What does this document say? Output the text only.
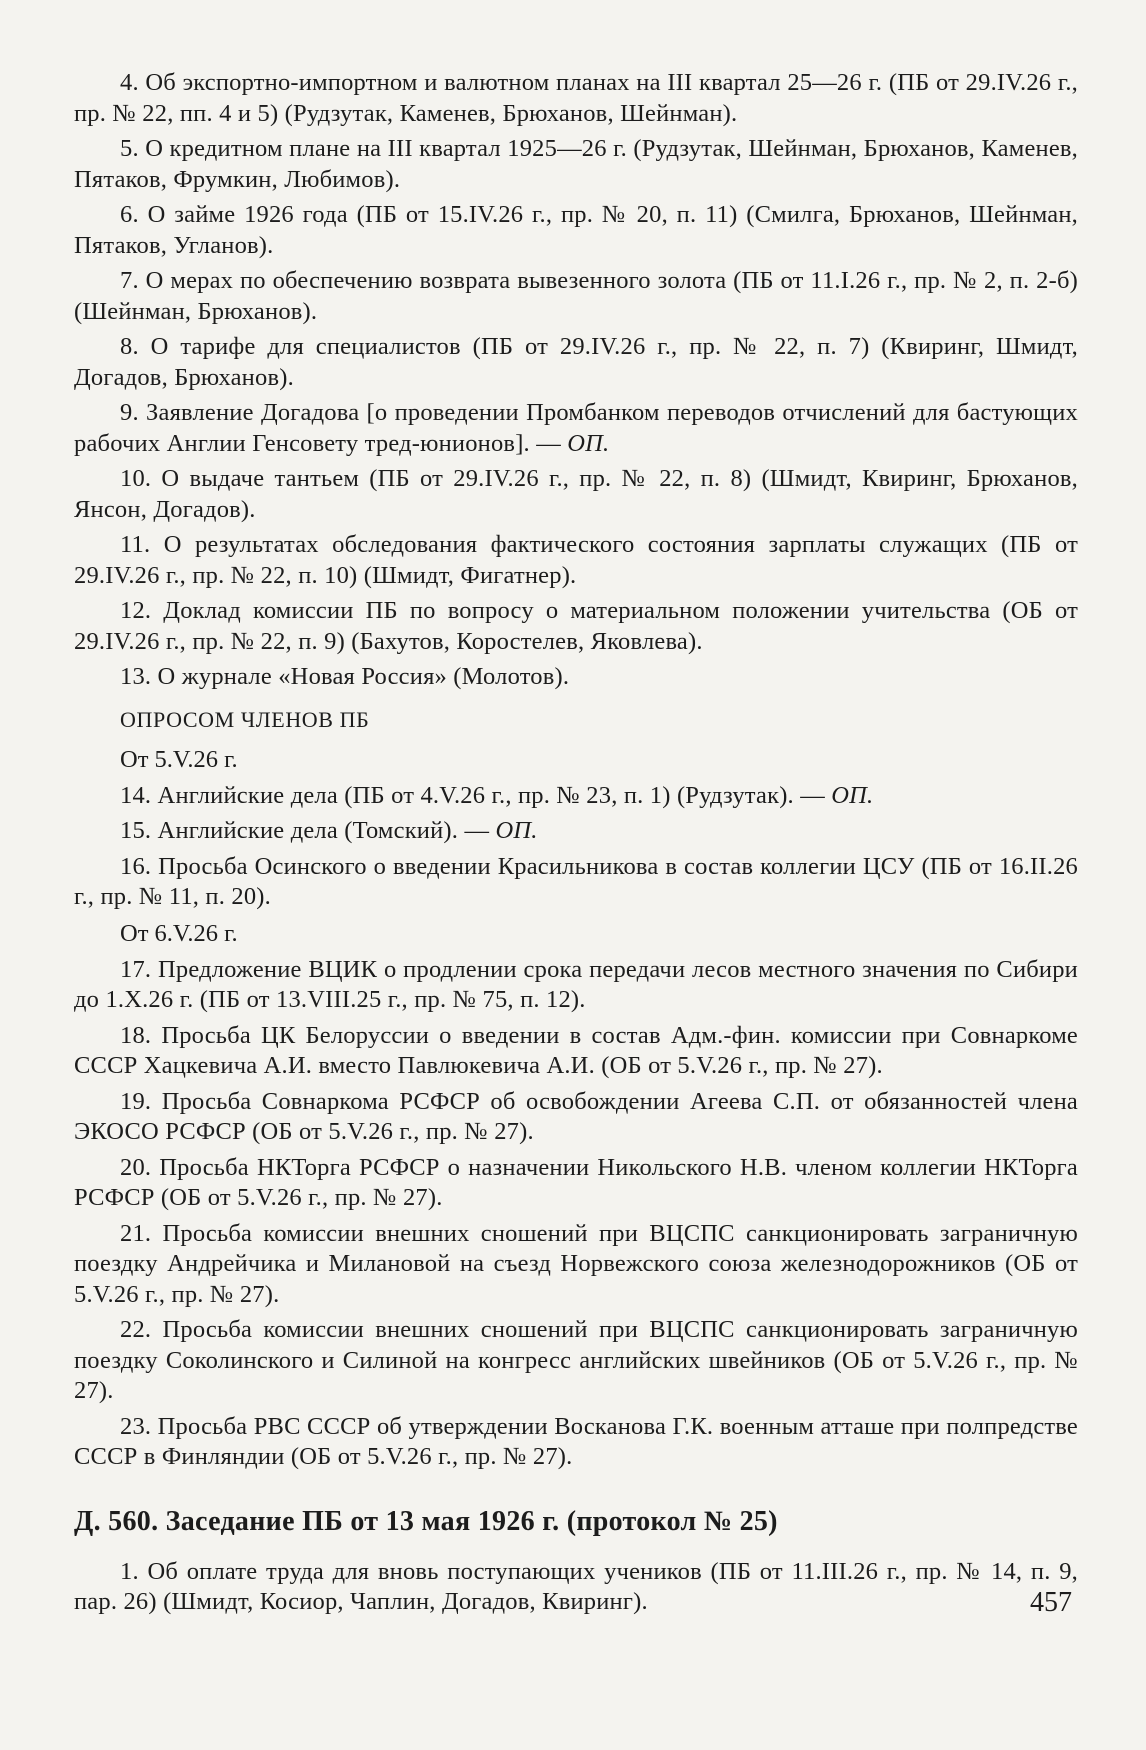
4. Об экспортно-импортном и валютном планах на III квартал 25—26 г. (ПБ от 29.IV.26 г., пр. № 22, пп. 4 и 5) (Рудзутак, Каменев, Брюханов, Шейнман).

5. О кредитном плане на III квартал 1925—26 г. (Рудзутак, Шейнман, Брюханов, Каменев, Пятаков, Фрумкин, Любимов).

6. О займе 1926 года (ПБ от 15.IV.26 г., пр. № 20, п. 11) (Смилга, Брюханов, Шейнман, Пятаков, Угланов).

7. О мерах по обеспечению возврата вывезенного золота (ПБ от 11.I.26 г., пр. № 2, п. 2-б) (Шейнман, Брюханов).

8. О тарифе для специалистов (ПБ от 29.IV.26 г., пр. № 22, п. 7) (Квиринг, Шмидт, Догадов, Брюханов).

9. Заявление Догадова [о проведении Промбанком переводов отчислений для бастующих рабочих Англии Генсовету тред-юнионов]. — ОП.

10. О выдаче тантьем (ПБ от 29.IV.26 г., пр. № 22, п. 8) (Шмидт, Квиринг, Брюханов, Янсон, Догадов).

11. О результатах обследования фактического состояния зарплаты служащих (ПБ от 29.IV.26 г., пр. № 22, п. 10) (Шмидт, Фигатнер).

12. Доклад комиссии ПБ по вопросу о материальном положении учительства (ОБ от 29.IV.26 г., пр. № 22, п. 9) (Бахутов, Коростелев, Яковлева).

13. О журнале «Новая Россия» (Молотов).

ОПРОСОМ ЧЛЕНОВ ПБ
От 5.V.26 г.

14. Английские дела (ПБ от 4.V.26 г., пр. № 23, п. 1) (Рудзутак). — ОП.

15. Английские дела (Томский). — ОП.

16. Просьба Осинского о введении Красильникова в состав коллегии ЦСУ (ПБ от 16.II.26 г., пр. № 11, п. 20).

От 6.V.26 г.

17. Предложение ВЦИК о продлении срока передачи лесов местного значения по Сибири до 1.X.26 г. (ПБ от 13.VIII.25 г., пр. № 75, п. 12).

18. Просьба ЦК Белоруссии о введении в состав Адм.-фин. комиссии при Совнаркоме СССР Хацкевича А.И. вместо Павлюкевича А.И. (ОБ от 5.V.26 г., пр. № 27).

19. Просьба Совнаркома РСФСР об освобождении Агеева С.П. от обязанностей члена ЭКОСО РСФСР (ОБ от 5.V.26 г., пр. № 27).

20. Просьба НКТорга РСФСР о назначении Никольского Н.В. членом коллегии НКТорга РСФСР (ОБ от 5.V.26 г., пр. № 27).

21. Просьба комиссии внешних сношений при ВЦСПС санкционировать заграничную поездку Андрейчика и Милановой на съезд Норвежского союза железнодорожников (ОБ от 5.V.26 г., пр. № 27).

22. Просьба комиссии внешних сношений при ВЦСПС санкционировать заграничную поездку Соколинского и Силиной на конгресс английских швейников (ОБ от 5.V.26 г., пр. № 27).

23. Просьба РВС СССР об утверждении Восканова Г.К. военным атташе при полпредстве СССР в Финляндии (ОБ от 5.V.26 г., пр. № 27).

Д. 560. Заседание ПБ от 13 мая 1926 г. (протокол № 25)

1. Об оплате труда для вновь поступающих учеников (ПБ от 11.III.26 г., пр. № 14, п. 9, пар. 26) (Шмидт, Косиор, Чаплин, Догадов, Квиринг).	457
